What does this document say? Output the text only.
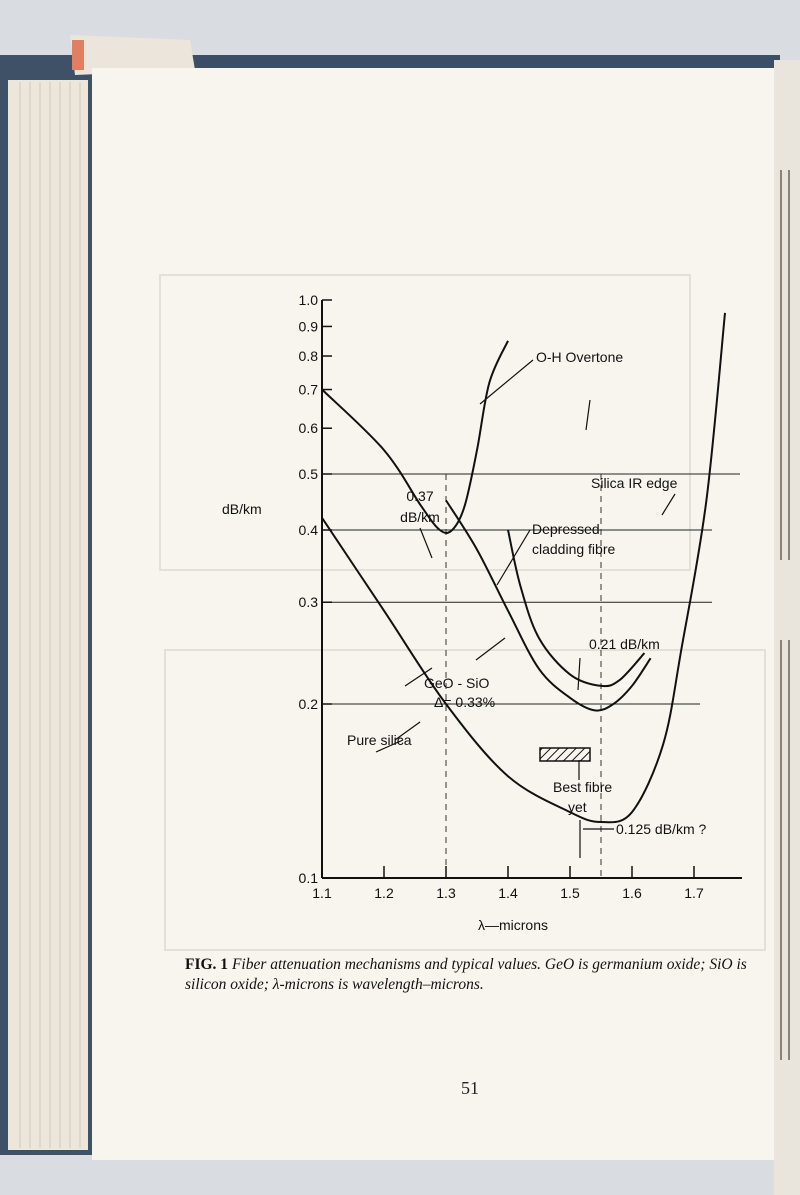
0.1
0.2
0.3
0.4
0.5
0.6
0.7
0.8
0.9
1.0
1.1	1.2	1.3	1.4	1.5	1.6	1.7
O-H Overtone
Silica IR edge
0.37
dB/km
Depressed
cladding fibre
0.21 dB/km
GeO - SiO
Δ= 0.33%
Pure silica
Best fibre
yet
0.125 dB/km ?
dB/km
λ—microns
FIG. 1 Fiber attenuation mechanisms and typical values. GeO is germanium oxide; SiO is silicon oxide; λ-microns is wavelength–microns.
51
